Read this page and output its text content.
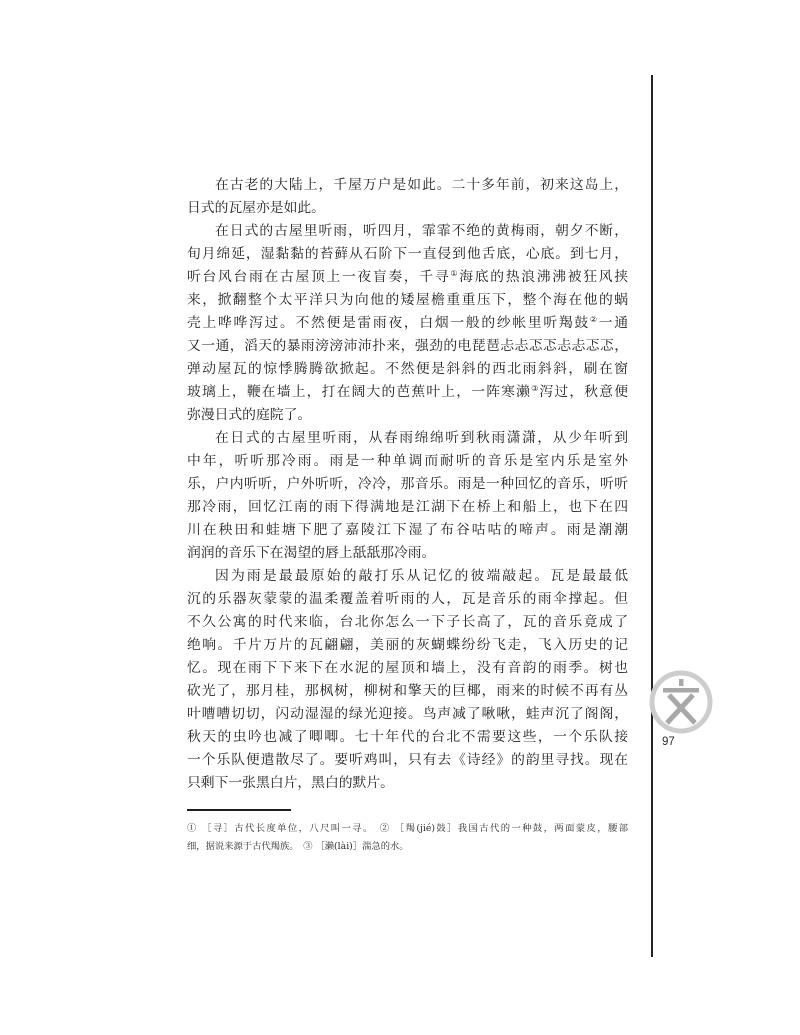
在古老的大陆上，千屋万户是如此。二十多年前，初来这岛上，
日式的瓦屋亦是如此。
在日式的古屋里听雨，听四月，霏霏不绝的黄梅雨，朝夕不断，
旬月绵延，湿黏黏的苔藓从石阶下一直侵到他舌底，心底。到七月，
听台风台雨在古屋顶上一夜盲奏，千寻①海底的热浪沸沸被狂风挟
来，掀翻整个太平洋只为向他的矮屋檐重重压下，整个海在他的蜗
壳上哗哗泻过。不然便是雷雨夜，白烟一般的纱帐里听羯鼓②一通
又一通，滔天的暴雨滂滂沛沛扑来，强劲的电琵琶忐忐忑忑忐忐忑忑，
弹动屋瓦的惊悸腾腾欲掀起。不然便是斜斜的西北雨斜斜，刷在窗
玻璃上，鞭在墙上，打在阔大的芭蕉叶上，一阵寒濑③泻过，秋意便
弥漫日式的庭院了。
在日式的古屋里听雨，从春雨绵绵听到秋雨潇潇，从少年听到
中年，听听那冷雨。雨是一种单调而耐听的音乐是室内乐是室外
乐，户内听听，户外听听，冷冷，那音乐。雨是一种回忆的音乐，听听
那冷雨，回忆江南的雨下得满地是江湖下在桥上和船上，也下在四
川在秧田和蛙塘下肥了嘉陵江下湿了布谷咕咕的啼声。雨是潮潮
润润的音乐下在渴望的唇上舐舐那冷雨。
因为雨是最最原始的敲打乐从记忆的彼端敲起。瓦是最最低
沉的乐器灰蒙蒙的温柔覆盖着听雨的人，瓦是音乐的雨伞撑起。但
不久公寓的时代来临，台北你怎么一下子长高了，瓦的音乐竟成了
绝响。千片万片的瓦翩翩，美丽的灰蝴蝶纷纷飞走，飞入历史的记
忆。现在雨下下来下在水泥的屋顶和墙上，没有音韵的雨季。树也
砍光了，那月桂，那枫树，柳树和擎天的巨椰，雨来的时候不再有丛
叶嘈嘈切切，闪动湿湿的绿光迎接。鸟声减了啾啾，蛙声沉了阁阁，
秋天的虫吟也减了唧唧。七十年代的台北不需要这些，一个乐队接
一个乐队便遣散尽了。要听鸡叫，只有去《诗经》的韵里寻找。现在
只剩下一张黑白片，黑白的默片。
① ［寻］古代长度单位，八尺叫一寻。　② ［羯(jié)鼓］我国古代的一种鼓，两面蒙皮，腰部
细，据说来源于古代羯族。　③ ［濑(lài)］湍急的水。
97
